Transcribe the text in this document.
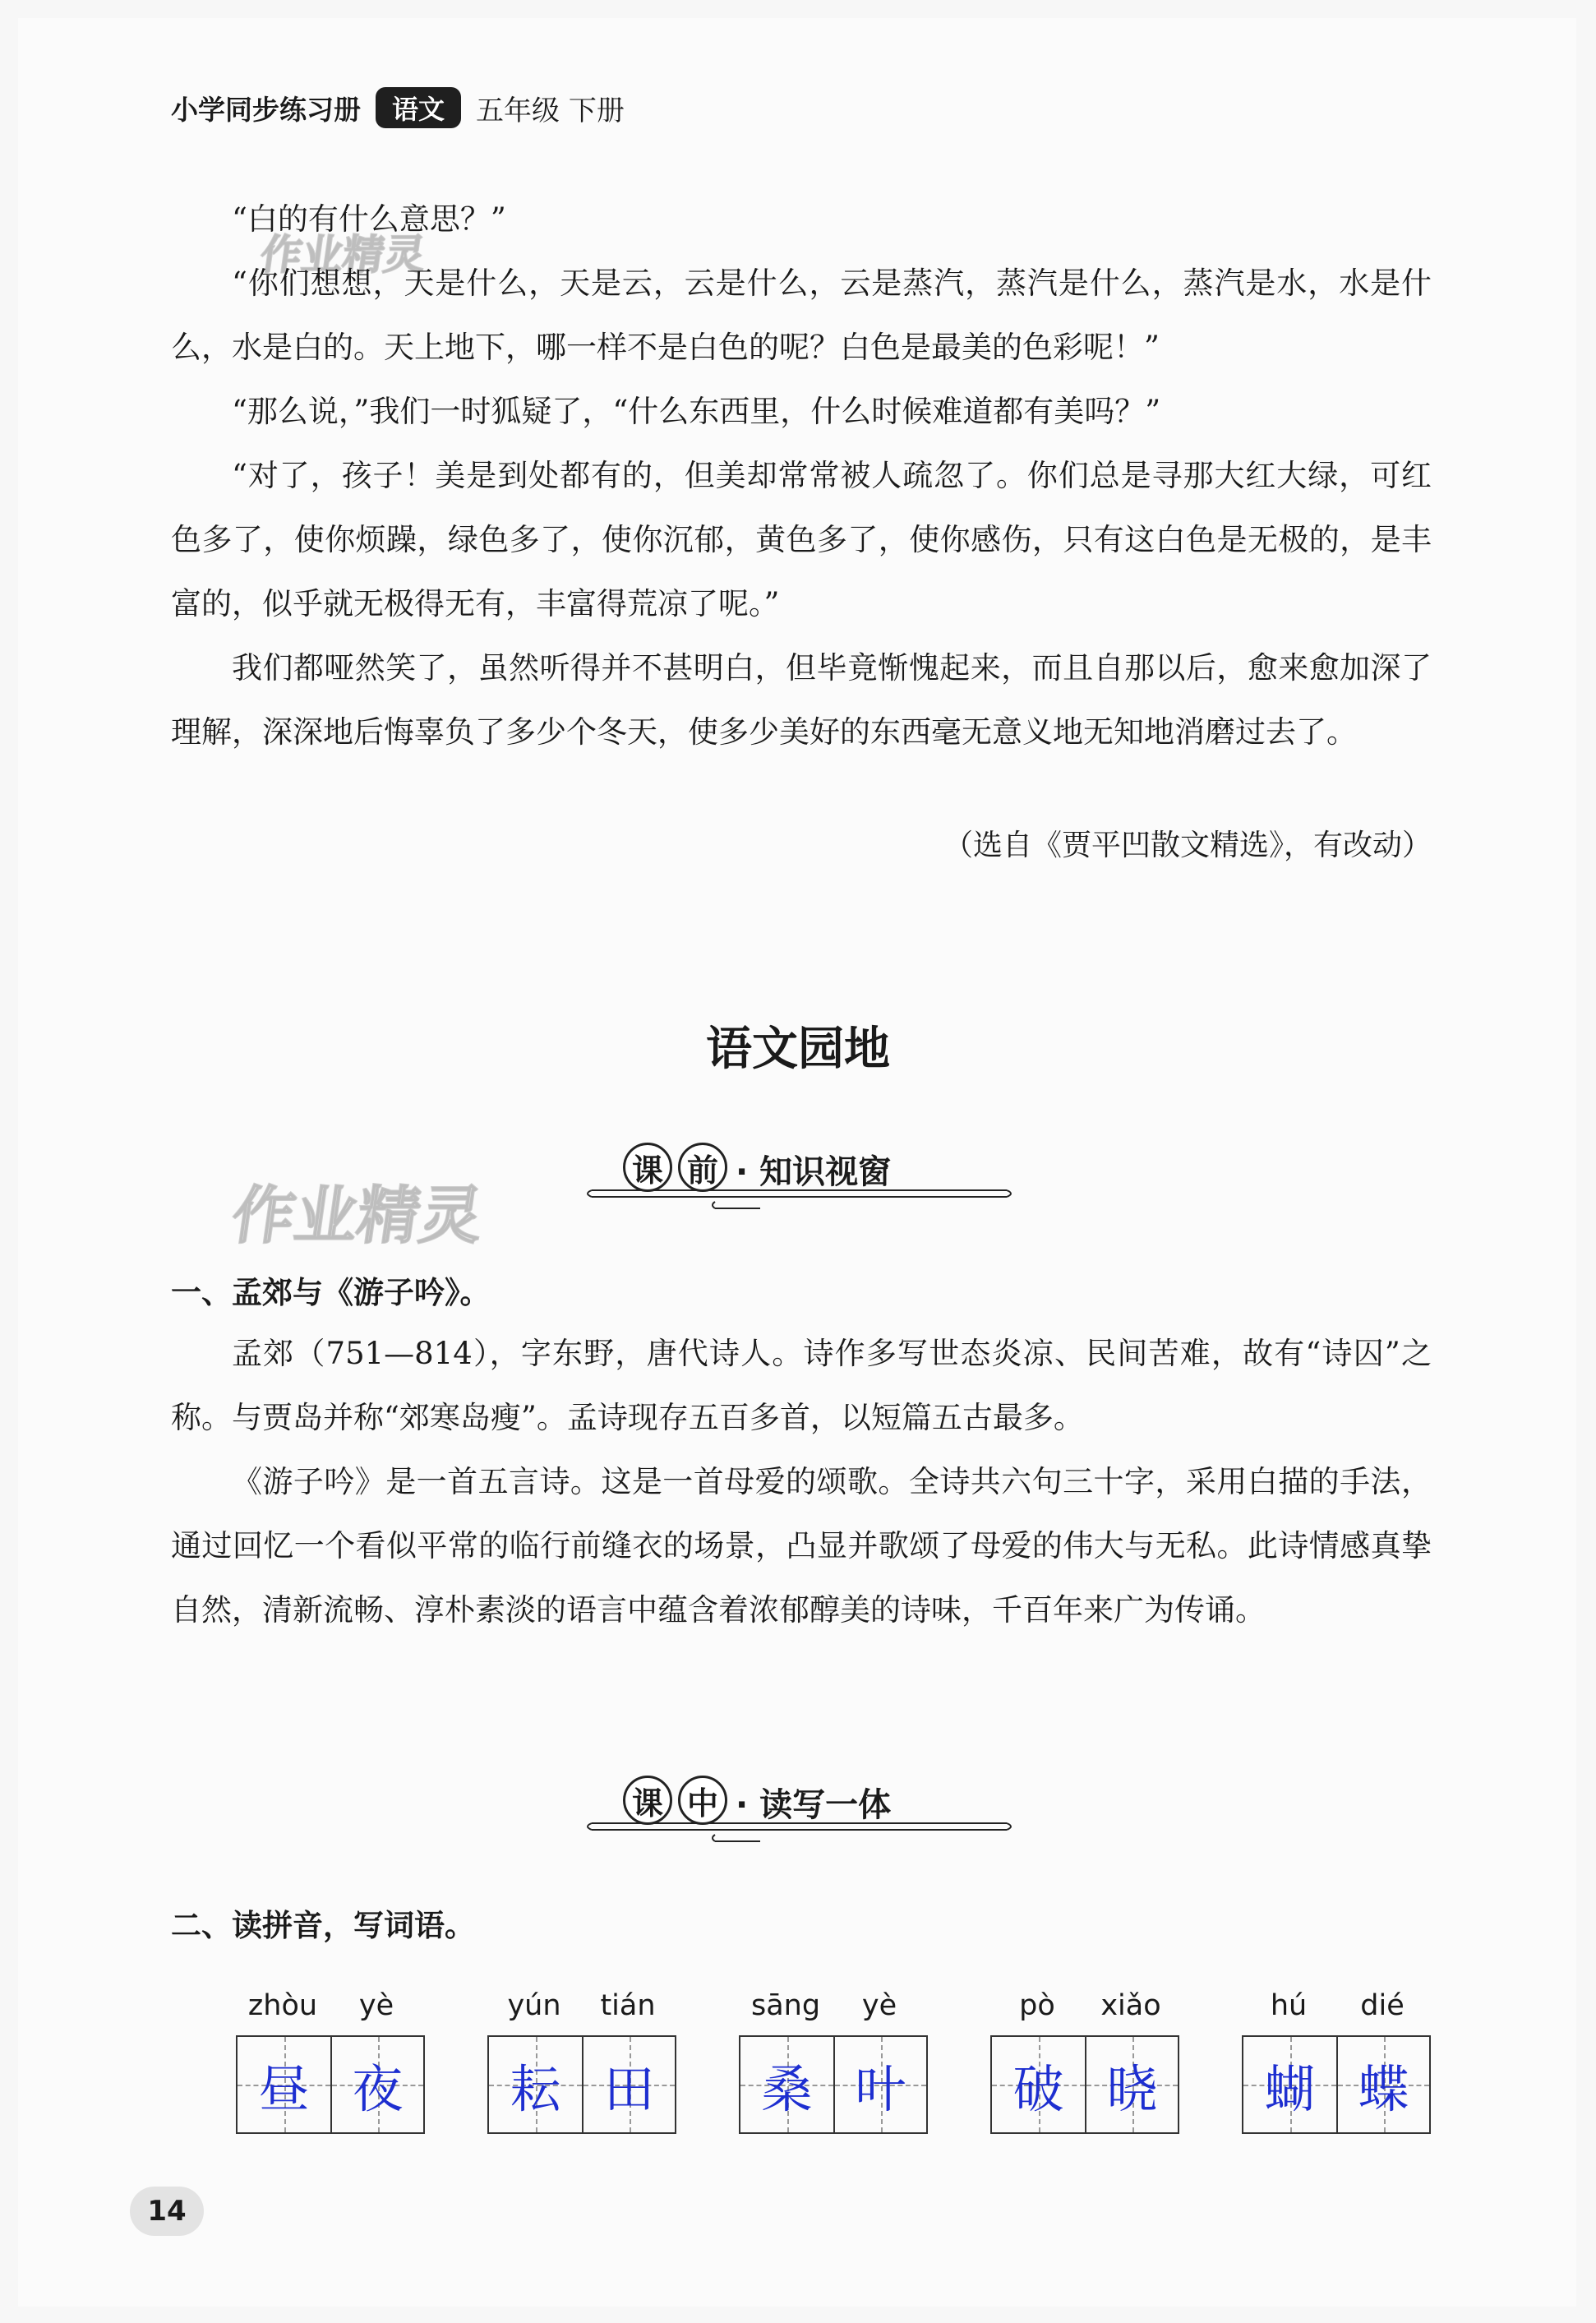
小学同步练习册	语文	五年级 下册
作业精灵
作业精灵

“白的有什么意思？”

“你们想想，天是什么，天是云，云是什么，云是蒸汽，蒸汽是什么，蒸汽是水，水是什么，水是白的。天上地下，哪一样不是白色的呢？白色是最美的色彩呢！”

“那么说，”我们一时狐疑了，“什么东西里，什么时候难道都有美吗？”

“对了，孩子！美是到处都有的，但美却常常被人疏忽了。你们总是寻那大红大绿，可红色多了，使你烦躁，绿色多了，使你沉郁，黄色多了，使你感伤，只有这白色是无极的，是丰富的，似乎就无极得无有，丰富得荒凉了呢。”

我们都哑然笑了，虽然听得并不甚明白，但毕竟惭愧起来，而且自那以后，愈来愈加深了理解，深深地后悔辜负了多少个冬天，使多少美好的东西毫无意义地无知地消磨过去了。

（选自《贾平凹散文精选》，有改动）
语文园地
课 前 · 知识视窗
一、孟郊与《游子吟》。

孟郊（751—814），字东野，唐代诗人。诗作多写世态炎凉、民间苦难，故有“诗囚”之称。与贾岛并称“郊寒岛瘦”。孟诗现存五百多首，以短篇五古最多。

《游子吟》是一首五言诗。这是一首母爱的颂歌。全诗共六句三十字，采用白描的手法，通过回忆一个看似平常的临行前缝衣的场景，凸显并歌颂了母爱的伟大与无私。此诗情感真挚自然，清新流畅、淳朴素淡的语言中蕴含着浓郁醇美的诗味，千百年来广为传诵。

课 中 · 读写一体
二、读拼音，写词语。
zhòu	yè
昼 夜
yún	tián
耘 田
sāng	yè
桑 叶
pò	xiǎo
破 晓
hú	dié
蝴 蝶
14
